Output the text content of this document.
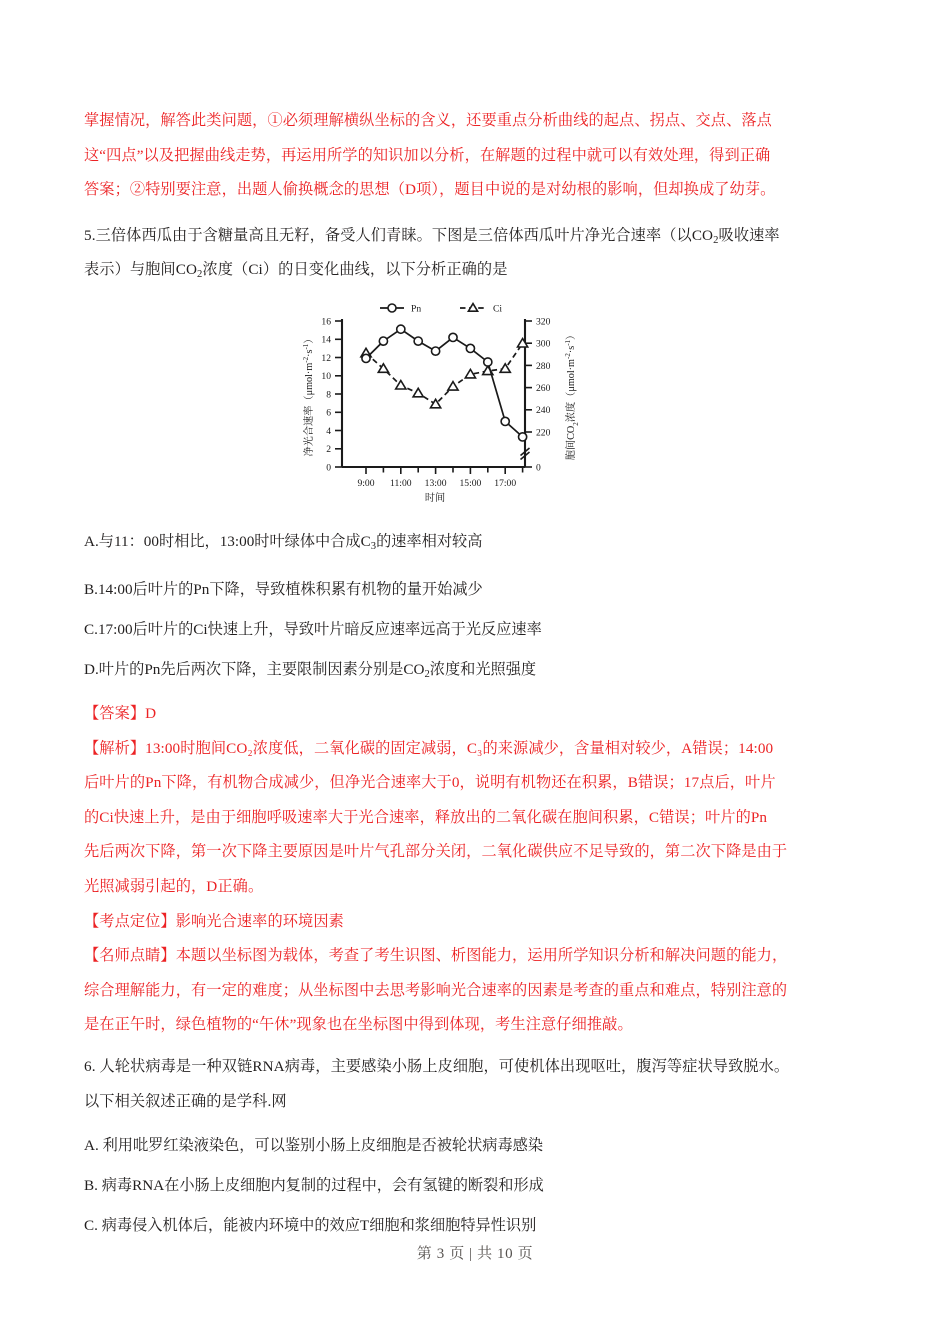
掌握情况，解答此类问题，①必须理解横纵坐标的含义，还要重点分析曲线的起点、拐点、交点、落点

这“四点”以及把握曲线走势，再运用所学的知识加以分析，在解题的过程中就可以有效处理，得到正确

答案；②特别要注意，出题人偷换概念的思想（D项），题目中说的是对幼根的影响，但却换成了幼芽。

5.三倍体西瓜由于含糖量高且无籽，备受人们青睐。下图是三倍体西瓜叶片净光合速率（以$CO_2$吸收速率

表示）与胞间$CO_2$浓度（Ci）的日变化曲线，以下分析正确的是

Pn	Ci
16
14
12
10
8
6
4
2
0
320
300
280
260
240
220
0
9:00 11:00 13:00 15:00 17:00
时间
净光合速率$(\mu mol\cdot m^{-2}\cdot s^{-1})$
胞间$CO_2$浓度$(\mu mol\cdot m^{-2}\cdot s^{-1})$

A.与11：00时相比，13:00时叶绿体中合成$C_3$的速率相对较高

B.14:00后叶片的Pn下降，导致植株积累有机物的量开始减少

C.17:00后叶片的Ci快速上升，导致叶片暗反应速率远高于光反应速率

D.叶片的Pn先后两次下降，主要限制因素分别是$CO_2$浓度和光照强度

【答案】D

【解析】13:00时胞间CO₂浓度低，二氧化碳的固定减弱，C₃的来源减少，含量相对较少，A错误；14:00

后叶片的Pn下降，有机物合成减少，但净光合速率大于0，说明有机物还在积累，B错误；17点后，叶片

的Ci快速上升，是由于细胞呼吸速率大于光合速率，释放出的二氧化碳在胞间积累，C错误；叶片的Pn

先后两次下降，第一次下降主要原因是叶片气孔部分关闭，二氧化碳供应不足导致的，第二次下降是由于

光照减弱引起的，D正确。

【考点定位】影响光合速率的环境因素

【名师点睛】本题以坐标图为载体，考查了考生识图、析图能力，运用所学知识分析和解决问题的能力，

综合理解能力，有一定的难度；从坐标图中去思考影响光合速率的因素是考查的重点和难点，特别注意的

是在正午时，绿色植物的“午休”现象也在坐标图中得到体现，考生注意仔细推敲。

6. 人轮状病毒是一种双链RNA病毒，主要感染小肠上皮细胞，可使机体出现呕吐，腹泻等症状导致脱水。

以下相关叙述正确的是学科.网

A. 利用吡罗红染液染色，可以鉴别小肠上皮细胞是否被轮状病毒感染

B. 病毒RNA在小肠上皮细胞内复制的过程中，会有氢键的断裂和形成

C. 病毒侵入机体后，能被内环境中的效应T细胞和浆细胞特异性识别

第 3 页 | 共 10 页
